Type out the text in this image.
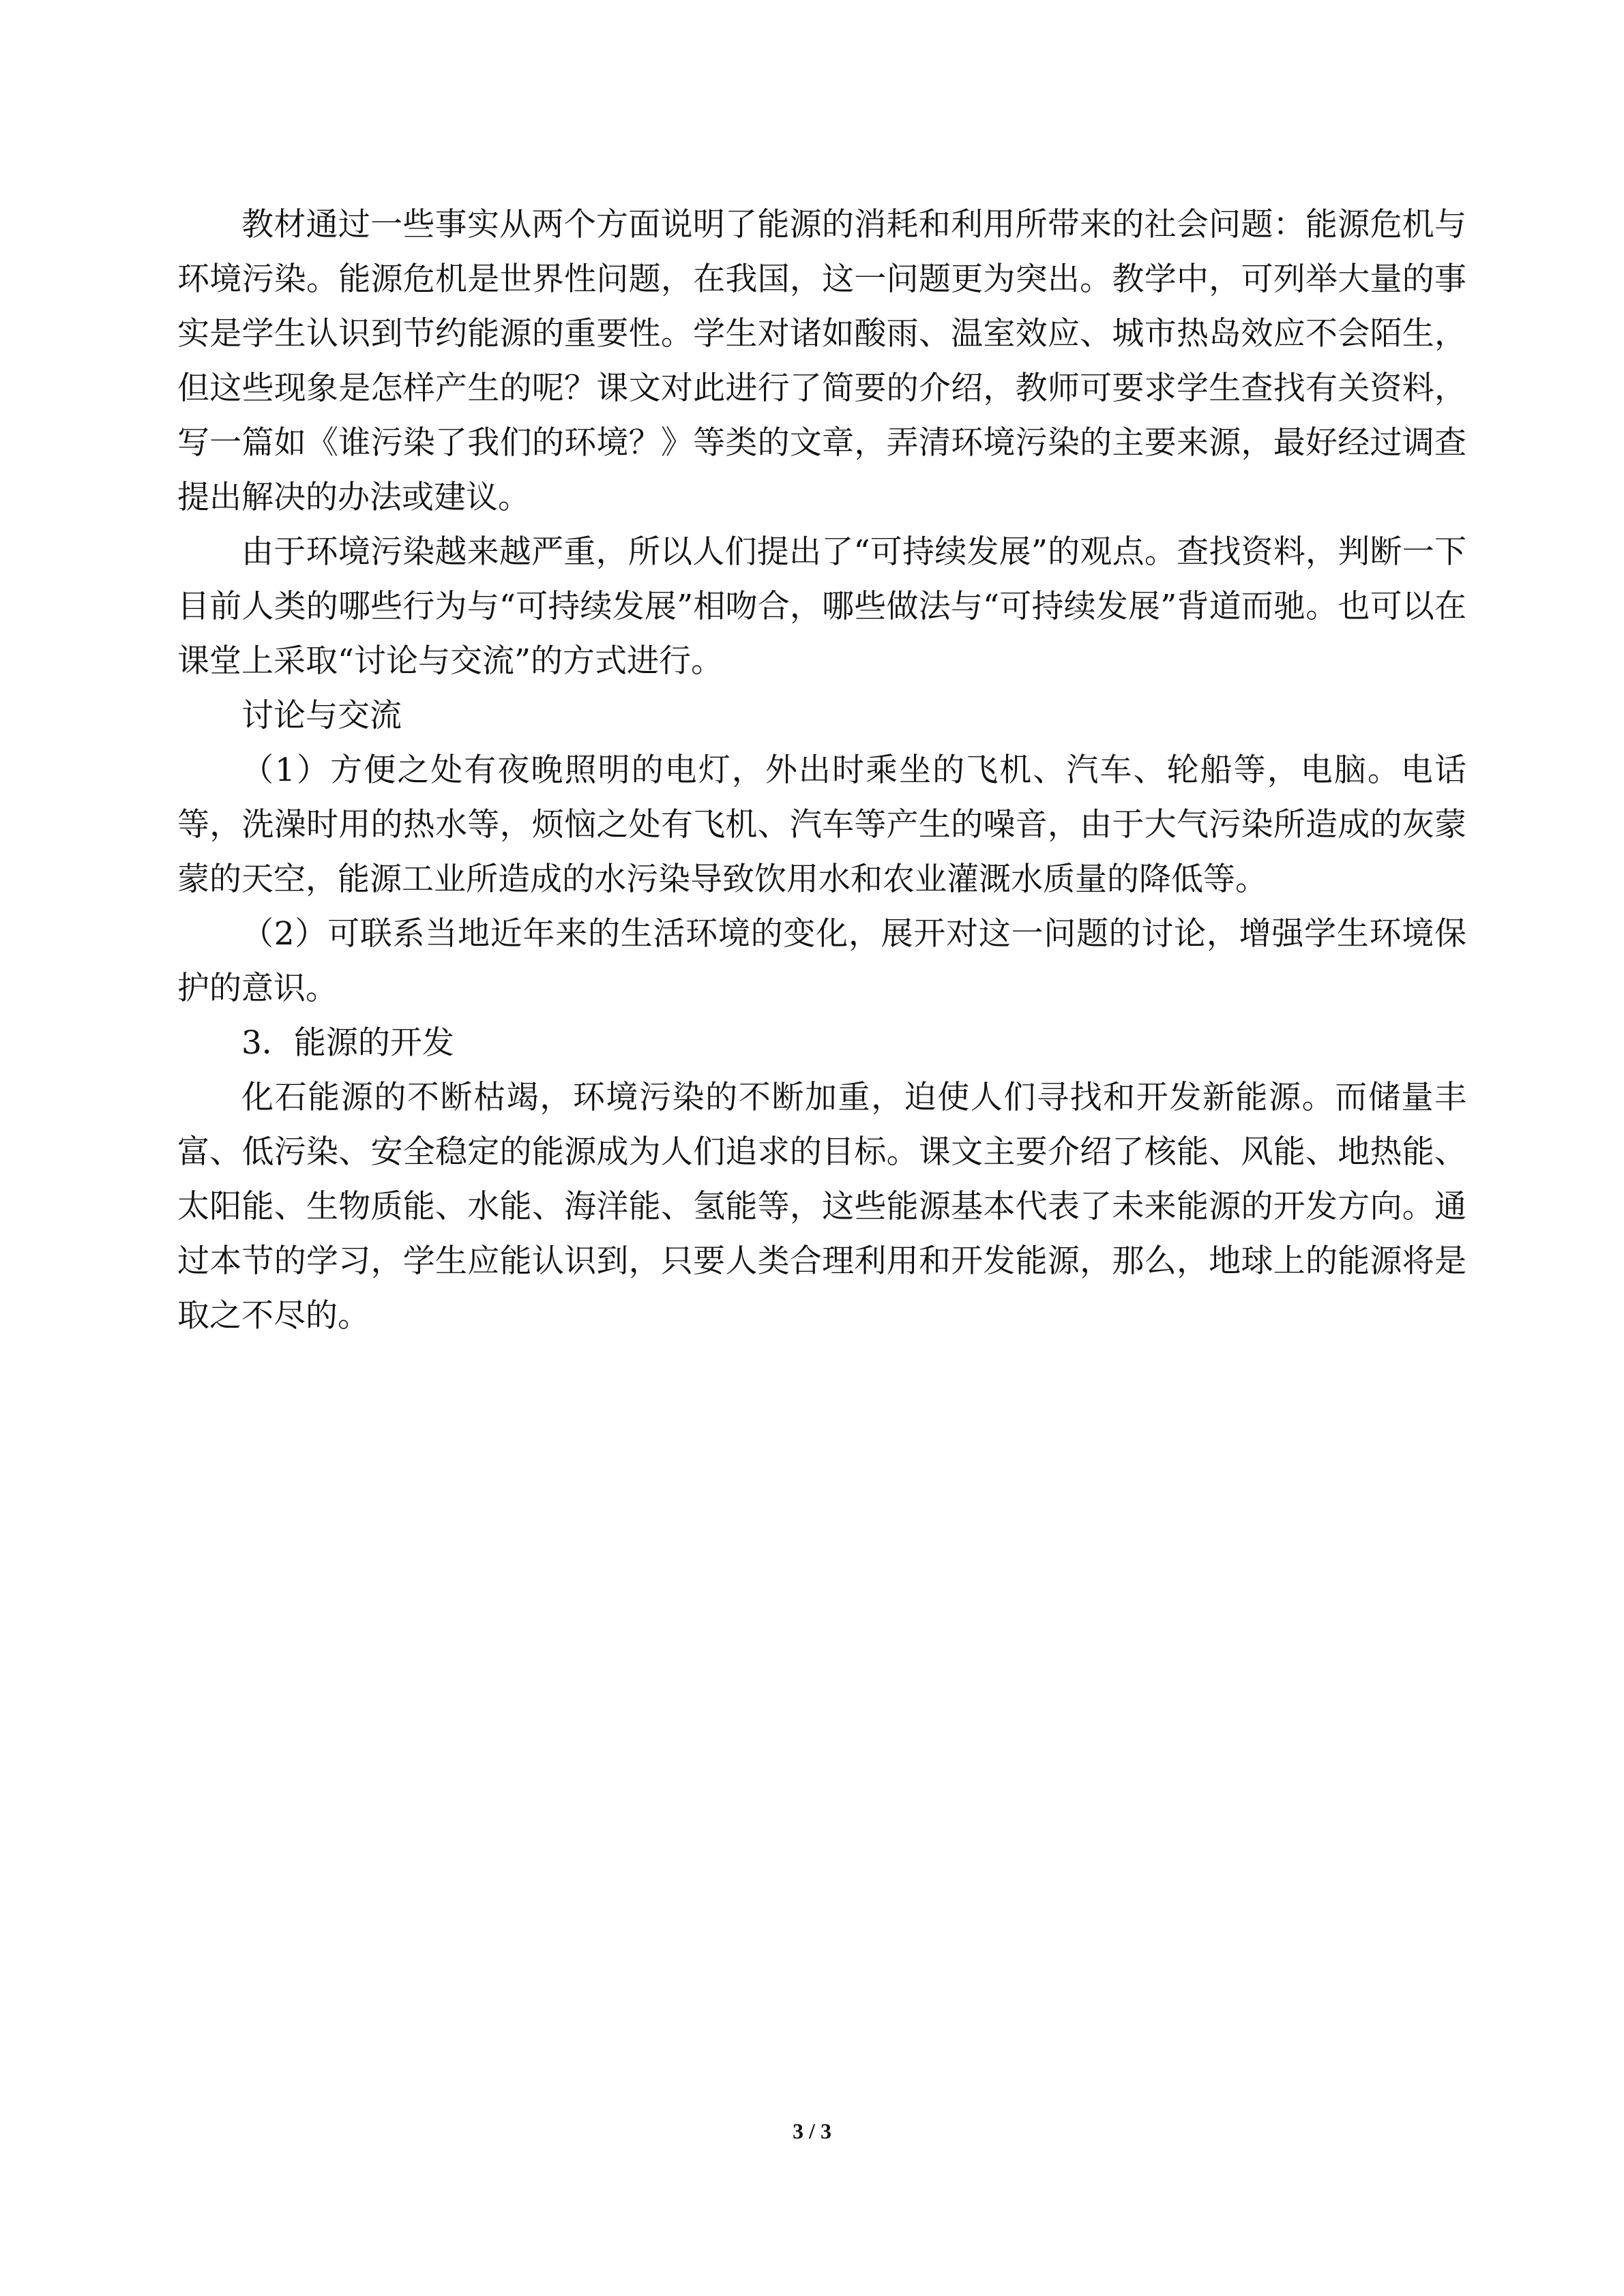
教材通过一些事实从两个方面说明了能源的消耗和利用所带来的社会问题：能源危机与环境污染。能源危机是世界性问题，在我国，这一问题更为突出。教学中，可列举大量的事实是学生认识到节约能源的重要性。学生对诸如酸雨、温室效应、城市热岛效应不会陌生，但这些现象是怎样产生的呢？课文对此进行了简要的介绍，教师可要求学生查找有关资料，写一篇如《谁污染了我们的环境？》等类的文章，弄清环境污染的主要来源，最好经过调查提出解决的办法或建议。

由于环境污染越来越严重，所以人们提出了“可持续发展”的观点。查找资料，判断一下目前人类的哪些行为与“可持续发展”相吻合，哪些做法与“可持续发展”背道而驰。也可以在课堂上采取“讨论与交流”的方式进行。

讨论与交流

（1）方便之处有夜晚照明的电灯，外出时乘坐的飞机、汽车、轮船等，电脑。电话等，洗澡时用的热水等，烦恼之处有飞机、汽车等产生的噪音，由于大气污染所造成的灰蒙蒙的天空，能源工业所造成的水污染导致饮用水和农业灌溉水质量的降低等。

（2）可联系当地近年来的生活环境的变化，展开对这一问题的讨论，增强学生环境保护的意识。

3．能源的开发

化石能源的不断枯竭，环境污染的不断加重，迫使人们寻找和开发新能源。而储量丰富、低污染、安全稳定的能源成为人们追求的目标。课文主要介绍了核能、风能、地热能、太阳能、生物质能、水能、海洋能、氢能等，这些能源基本代表了未来能源的开发方向。通过本节的学习，学生应能认识到，只要人类合理利用和开发能源，那么，地球上的能源将是取之不尽的。

3 / 3
